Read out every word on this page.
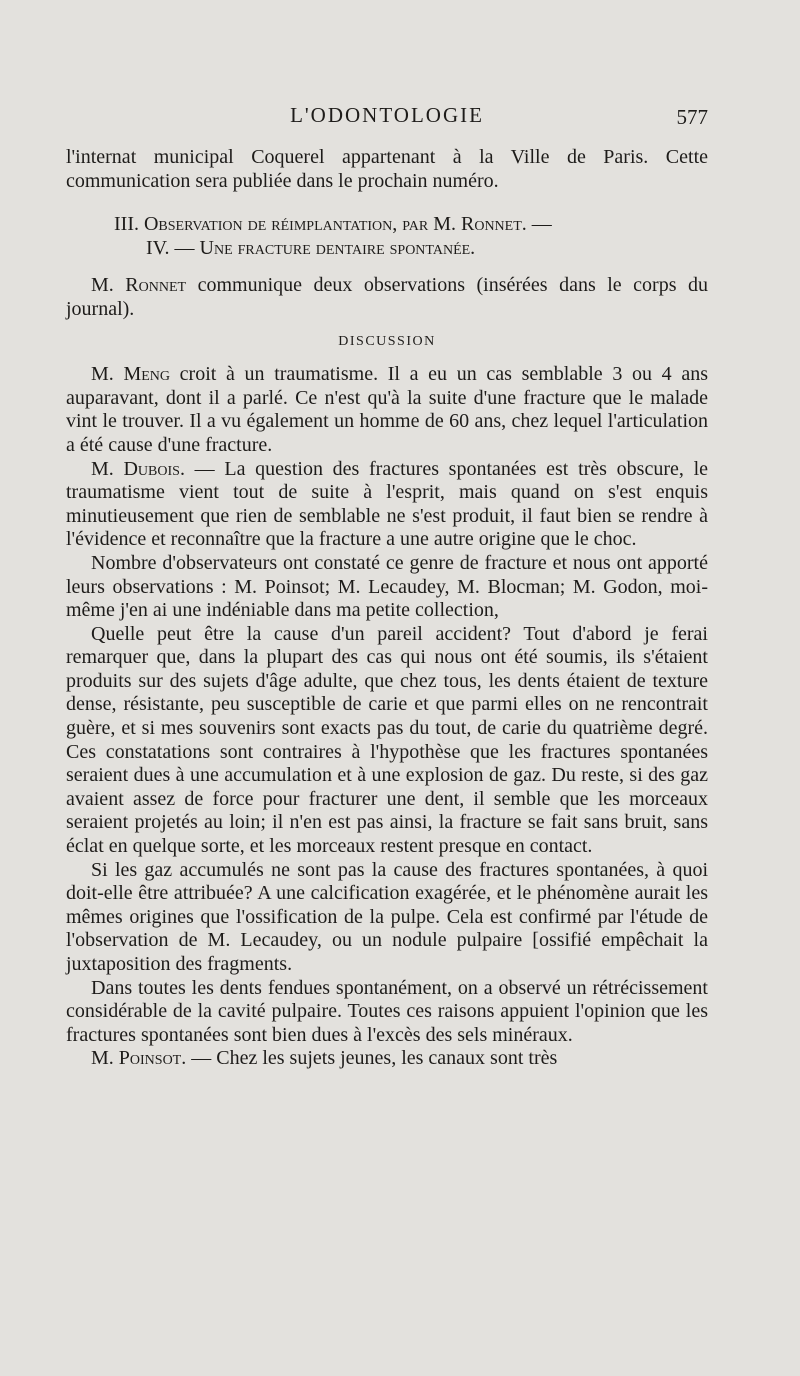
L'ODONTOLOGIE	577

l'internat municipal Coquerel appartenant à la Ville de Paris. Cette communication sera publiée dans le prochain numéro.

III. Observation de réimplantation, par M. Ronnet. —

IV. — Une fracture dentaire spontanée.

M. Ronnet communique deux observations (insérées dans le corps du journal).

DISCUSSION

M. Meng croit à un traumatisme. Il a eu un cas semblable 3 ou 4 ans auparavant, dont il a parlé. Ce n'est qu'à la suite d'une fracture que le malade vint le trouver. Il a vu également un homme de 60 ans, chez lequel l'articulation a été cause d'une fracture.

M. Dubois. — La question des fractures spontanées est très obscure, le traumatisme vient tout de suite à l'esprit, mais quand on s'est enquis minutieusement que rien de semblable ne s'est produit, il faut bien se rendre à l'évidence et reconnaître que la fracture a une autre origine que le choc.

Nombre d'observateurs ont constaté ce genre de fracture et nous ont apporté leurs observations : M. Poinsot; M. Lecaudey, M. Blocman; M. Godon, moi-même j'en ai une indéniable dans ma petite collection,

Quelle peut être la cause d'un pareil accident? Tout d'abord je ferai remarquer que, dans la plupart des cas qui nous ont été soumis, ils s'étaient produits sur des sujets d'âge adulte, que chez tous, les dents étaient de texture dense, résistante, peu susceptible de carie et que parmi elles on ne rencontrait guère, et si mes souvenirs sont exacts pas du tout, de carie du quatrième degré. Ces constatations sont contraires à l'hypothèse que les fractures spontanées seraient dues à une accumulation et à une explosion de gaz. Du reste, si des gaz avaient assez de force pour fracturer une dent, il semble que les morceaux seraient projetés au loin; il n'en est pas ainsi, la fracture se fait sans bruit, sans éclat en quelque sorte, et les morceaux restent presque en contact.

Si les gaz accumulés ne sont pas la cause des fractures spontanées, à quoi doit-elle être attribuée? A une calcification exagérée, et le phénomène aurait les mêmes origines que l'ossification de la pulpe. Cela est confirmé par l'étude de l'observation de M. Lecaudey, ou un nodule pulpaire [ossifié empêchait la juxtaposition des fragments.

Dans toutes les dents fendues spontanément, on a observé un rétrécissement considérable de la cavité pulpaire. Toutes ces raisons appuient l'opinion que les fractures spontanées sont bien dues à l'excès des sels minéraux.

M. Poinsot. — Chez les sujets jeunes, les canaux sont très
